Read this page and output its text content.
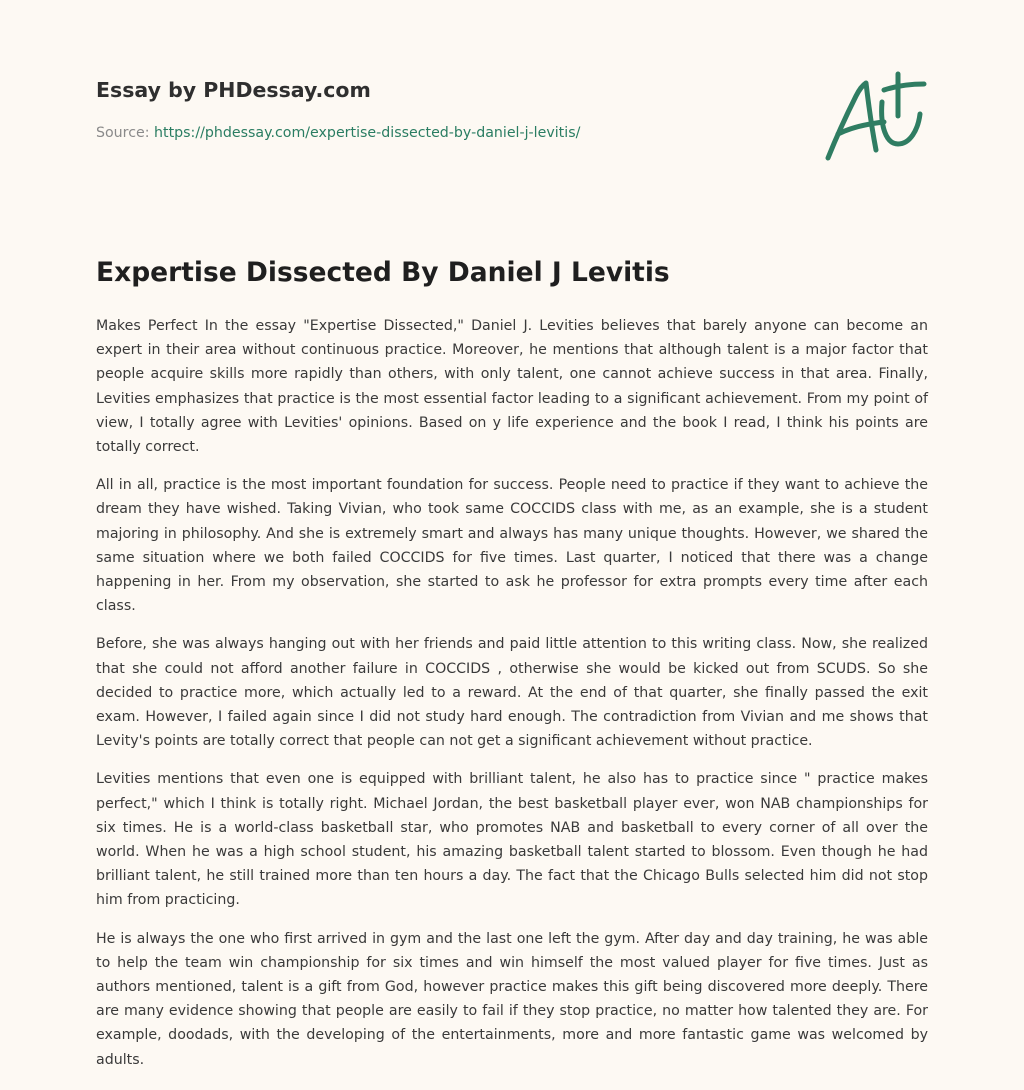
Essay by PHDessay.com
Source: https://phdessay.com/expertise-dissected-by-daniel-j-levitis/
Expertise Dissected By Daniel J Levitis

Makes Perfect In the essay "Expertise Dissected," Daniel J. Levities believes that barely anyone can become an expert in their area without continuous practice. Moreover, he mentions that although talent is a major factor that people acquire skills more rapidly than others, with only talent, one cannot achieve success in that area. Finally, Levities emphasizes that practice is the most essential factor leading to a significant achievement. From my point of view, I totally agree with Levities' opinions. Based on y life experience and the book I read, I think his points are totally correct.

All in all, practice is the most important foundation for success. People need to practice if they want to achieve the dream they have wished. Taking Vivian, who took same COCCIDS class with me, as an example, she is a student majoring in philosophy. And she is extremely smart and always has many unique thoughts. However, we shared the same situation where we both failed COCCIDS for five times. Last quarter, I noticed that there was a change happening in her. From my observation, she started to ask he professor for extra prompts every time after each class.

Before, she was always hanging out with her friends and paid little attention to this writing class. Now, she realized that she could not afford another failure in COCCIDS , otherwise she would be kicked out from SCUDS. So she decided to practice more, which actually led to a reward. At the end of that quarter, she finally passed the exit exam. However, I failed again since I did not study hard enough. The contradiction from Vivian and me shows that Levity's points are totally correct that people can not get a significant achievement without practice.

Levities mentions that even one is equipped with brilliant talent, he also has to practice since " practice makes perfect," which I think is totally right. Michael Jordan, the best basketball player ever, won NAB championships for six times. He is a world-class basketball star, who promotes NAB and basketball to every corner of all over the world. When he was a high school student, his amazing basketball talent started to blossom. Even though he had brilliant talent, he still trained more than ten hours a day. The fact that the Chicago Bulls selected him did not stop him from practicing.

He is always the one who first arrived in gym and the last one left the gym. After day and day training, he was able to help the team win championship for six times and win himself the most valued player for five times. Just as authors mentioned, talent is a gift from God, however practice makes this gift being discovered more deeply. There are many evidence showing that people are easily to fail if they stop practice, no matter how talented they are. For example, doodads, with the developing of the entertainments, more and more fantastic game was welcomed by adults.
